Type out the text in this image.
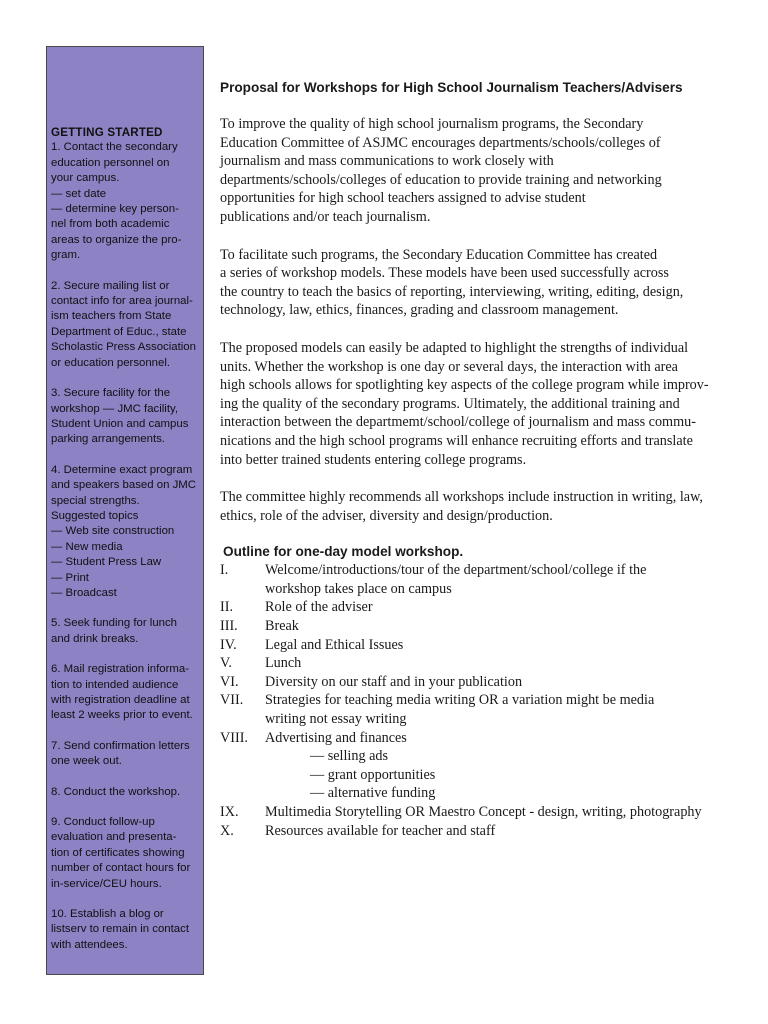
GETTING STARTED
1. Contact the secondary
education personnel on
your campus.
— set date
— determine key person-
nel from both academic
areas to organize the pro-
gram.
2. Secure mailing list or
contact info for area journal-
ism teachers from State
Department of Educ., state
Scholastic Press Association
or education personnel.
3. Secure facility for the
workshop — JMC facility,
Student Union and campus
parking arrangements.
4. Determine exact program
and speakers based on JMC
special strengths.
Suggested topics
— Web site construction
— New media
— Student Press Law
— Print
— Broadcast
5. Seek funding for lunch
and drink breaks.
6. Mail registration informa-
tion to intended audience
with registration deadline at
least 2 weeks prior to event.
7. Send confirmation letters
one week out.
8. Conduct the workshop.
9. Conduct follow-up
evaluation and presenta-
tion of certificates showing
number of contact hours for
in-service/CEU hours.
10. Establish a blog or
listserv to remain in contact
with attendees.
Proposal for Workshops for High School Journalism Teachers/Advisers

To improve the quality of high school journalism programs, the Secondary
Education Committee of ASJMC encourages departments/schools/colleges of
journalism and mass communications to work closely with
departments/schools/colleges of education to provide training and networking
opportunities for high school teachers assigned to advise student
publications and/or teach journalism.

To facilitate such programs, the Secondary Education Committee has created
a series of workshop models. These models have been used successfully across
the country to teach the basics of reporting, interviewing, writing, editing, design,
technology, law, ethics, finances, grading and classroom management.

The proposed models can easily be adapted to highlight the strengths of individual
units. Whether the workshop is one day or several days, the interaction with area
high schools allows for spotlighting key aspects of the college program while improv-
ing the quality of the secondary programs. Ultimately, the additional training and
interaction between the departmemt/school/college of journalism and mass commu-
nications and the high school programs will enhance recruiting efforts and translate
into better trained students entering college programs.

The committee highly recommends all workshops include instruction in writing, law,
ethics, role of the adviser, diversity and design/production.

Outline for one-day model workshop.
I.	Welcome/introductions/tour of the department/school/college if the
workshop takes place on campus
II.	Role of the adviser
III.	Break
IV.	Legal and Ethical Issues
V.	Lunch
VI.	Diversity on our staff and in your publication
VII.	Strategies for teaching media writing OR a variation might be media
writing not essay writing
VIII.	Advertising and finances
— selling ads
— grant opportunities
— alternative funding
IX.	Multimedia Storytelling OR Maestro Concept - design, writing, photography
X.	Resources available for teacher and staff
